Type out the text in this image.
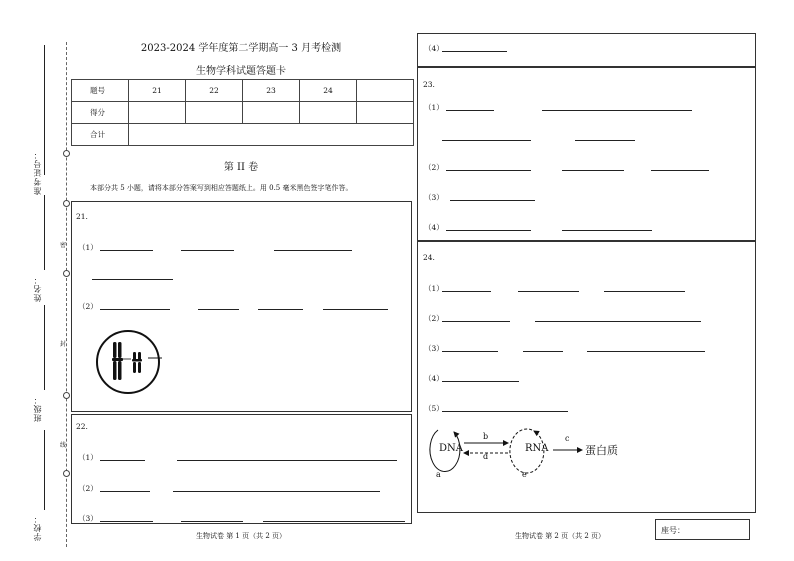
密
封
线
准考证号：
姓名：
班级：
学校：
2023-2024 学年度第二学期高一 3 月考检测
生物学科试题答题卡
题号	21	22	23	24	
得分					
合计					
第 II 卷
本部分共 5 小题，请将本部分答案写到相应答题纸上。用 0.5 毫米黑色签字笔作答。
21.
（1）
（2）
22.
（1）
（2）
（3）
生物试卷 第 1 页（共 2 页）
（4）
23.
（1）
（2）
（3）
（4）
24.
（1）
（2）
（3）
（4）
（5）
DNA	RNA	蛋白质
a
b	c
d
e
生物试卷 第 2 页（共 2 页）
座号：
